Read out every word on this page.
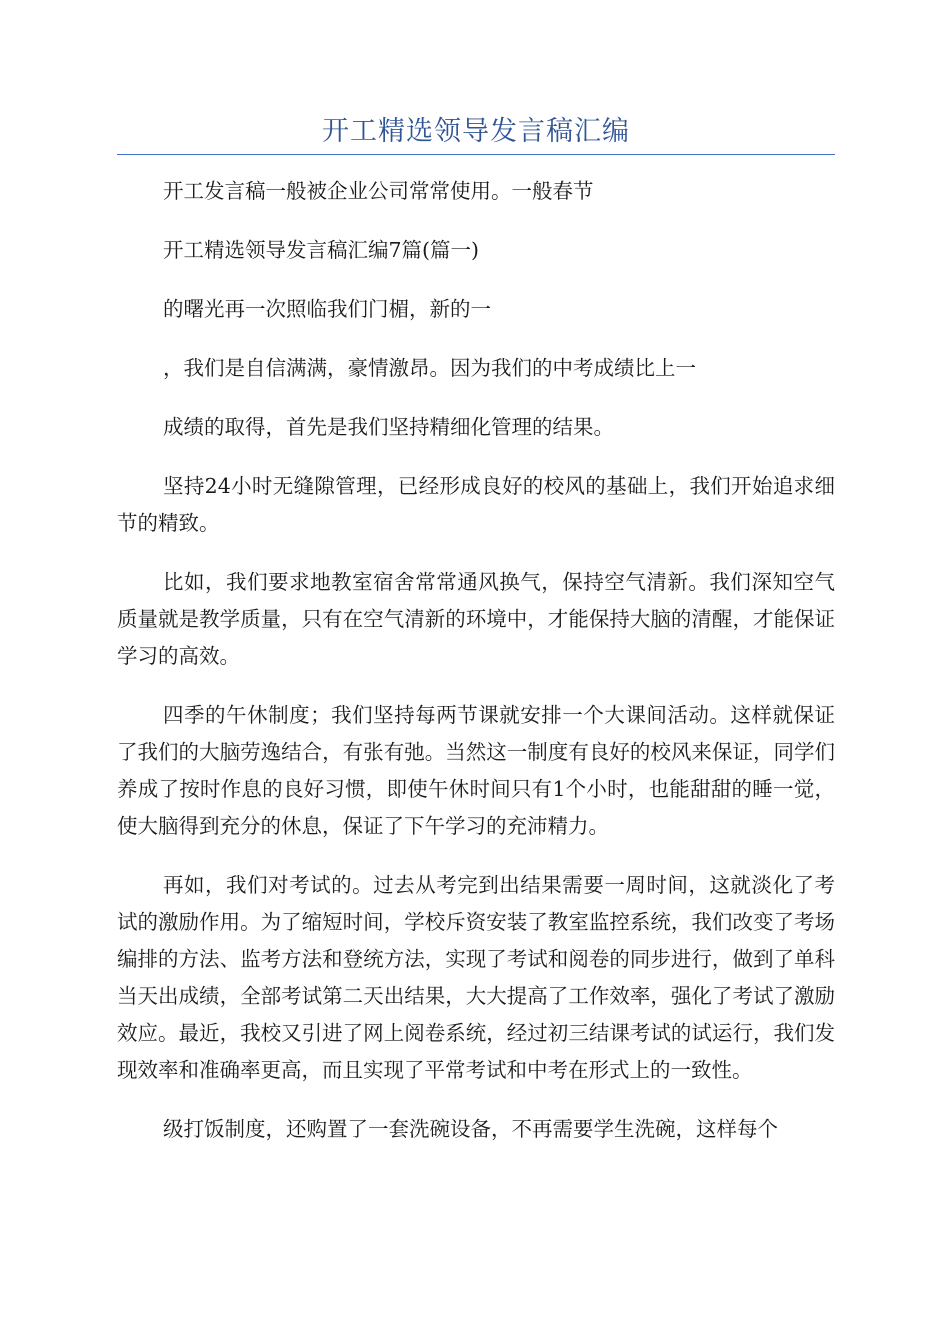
开工精选领导发言稿汇编

开工发言稿一般被企业公司常常使用。一般春节

开工精选领导发言稿汇编7篇(篇一)

的曙光再一次照临我们门楣，新的一

，我们是自信满满，豪情激昂。因为我们的中考成绩比上一

成绩的取得，首先是我们坚持精细化管理的结果。

坚持24小时无缝隙管理，已经形成良好的校风的基础上，我们开始追求细节的精致。

比如，我们要求地教室宿舍常常通风换气，保持空气清新。我们深知空气质量就是教学质量，只有在空气清新的环境中，才能保持大脑的清醒，才能保证学习的高效。

四季的午休制度；我们坚持每两节课就安排一个大课间活动。这样就保证了我们的大脑劳逸结合，有张有弛。当然这一制度有良好的校风来保证，同学们养成了按时作息的良好习惯，即使午休时间只有1个小时，也能甜甜的睡一觉，使大脑得到充分的休息，保证了下午学习的充沛精力。

再如，我们对考试的。过去从考完到出结果需要一周时间，这就淡化了考试的激励作用。为了缩短时间，学校斥资安装了教室监控系统，我们改变了考场编排的方法、监考方法和登统方法，实现了考试和阅卷的同步进行，做到了单科当天出成绩，全部考试第二天出结果，大大提高了工作效率，强化了考试了激励效应。最近，我校又引进了网上阅卷系统，经过初三结课考试的试运行，我们发现效率和准确率更高，而且实现了平常考试和中考在形式上的一致性。

级打饭制度，还购置了一套洗碗设备，不再需要学生洗碗，这样每个
